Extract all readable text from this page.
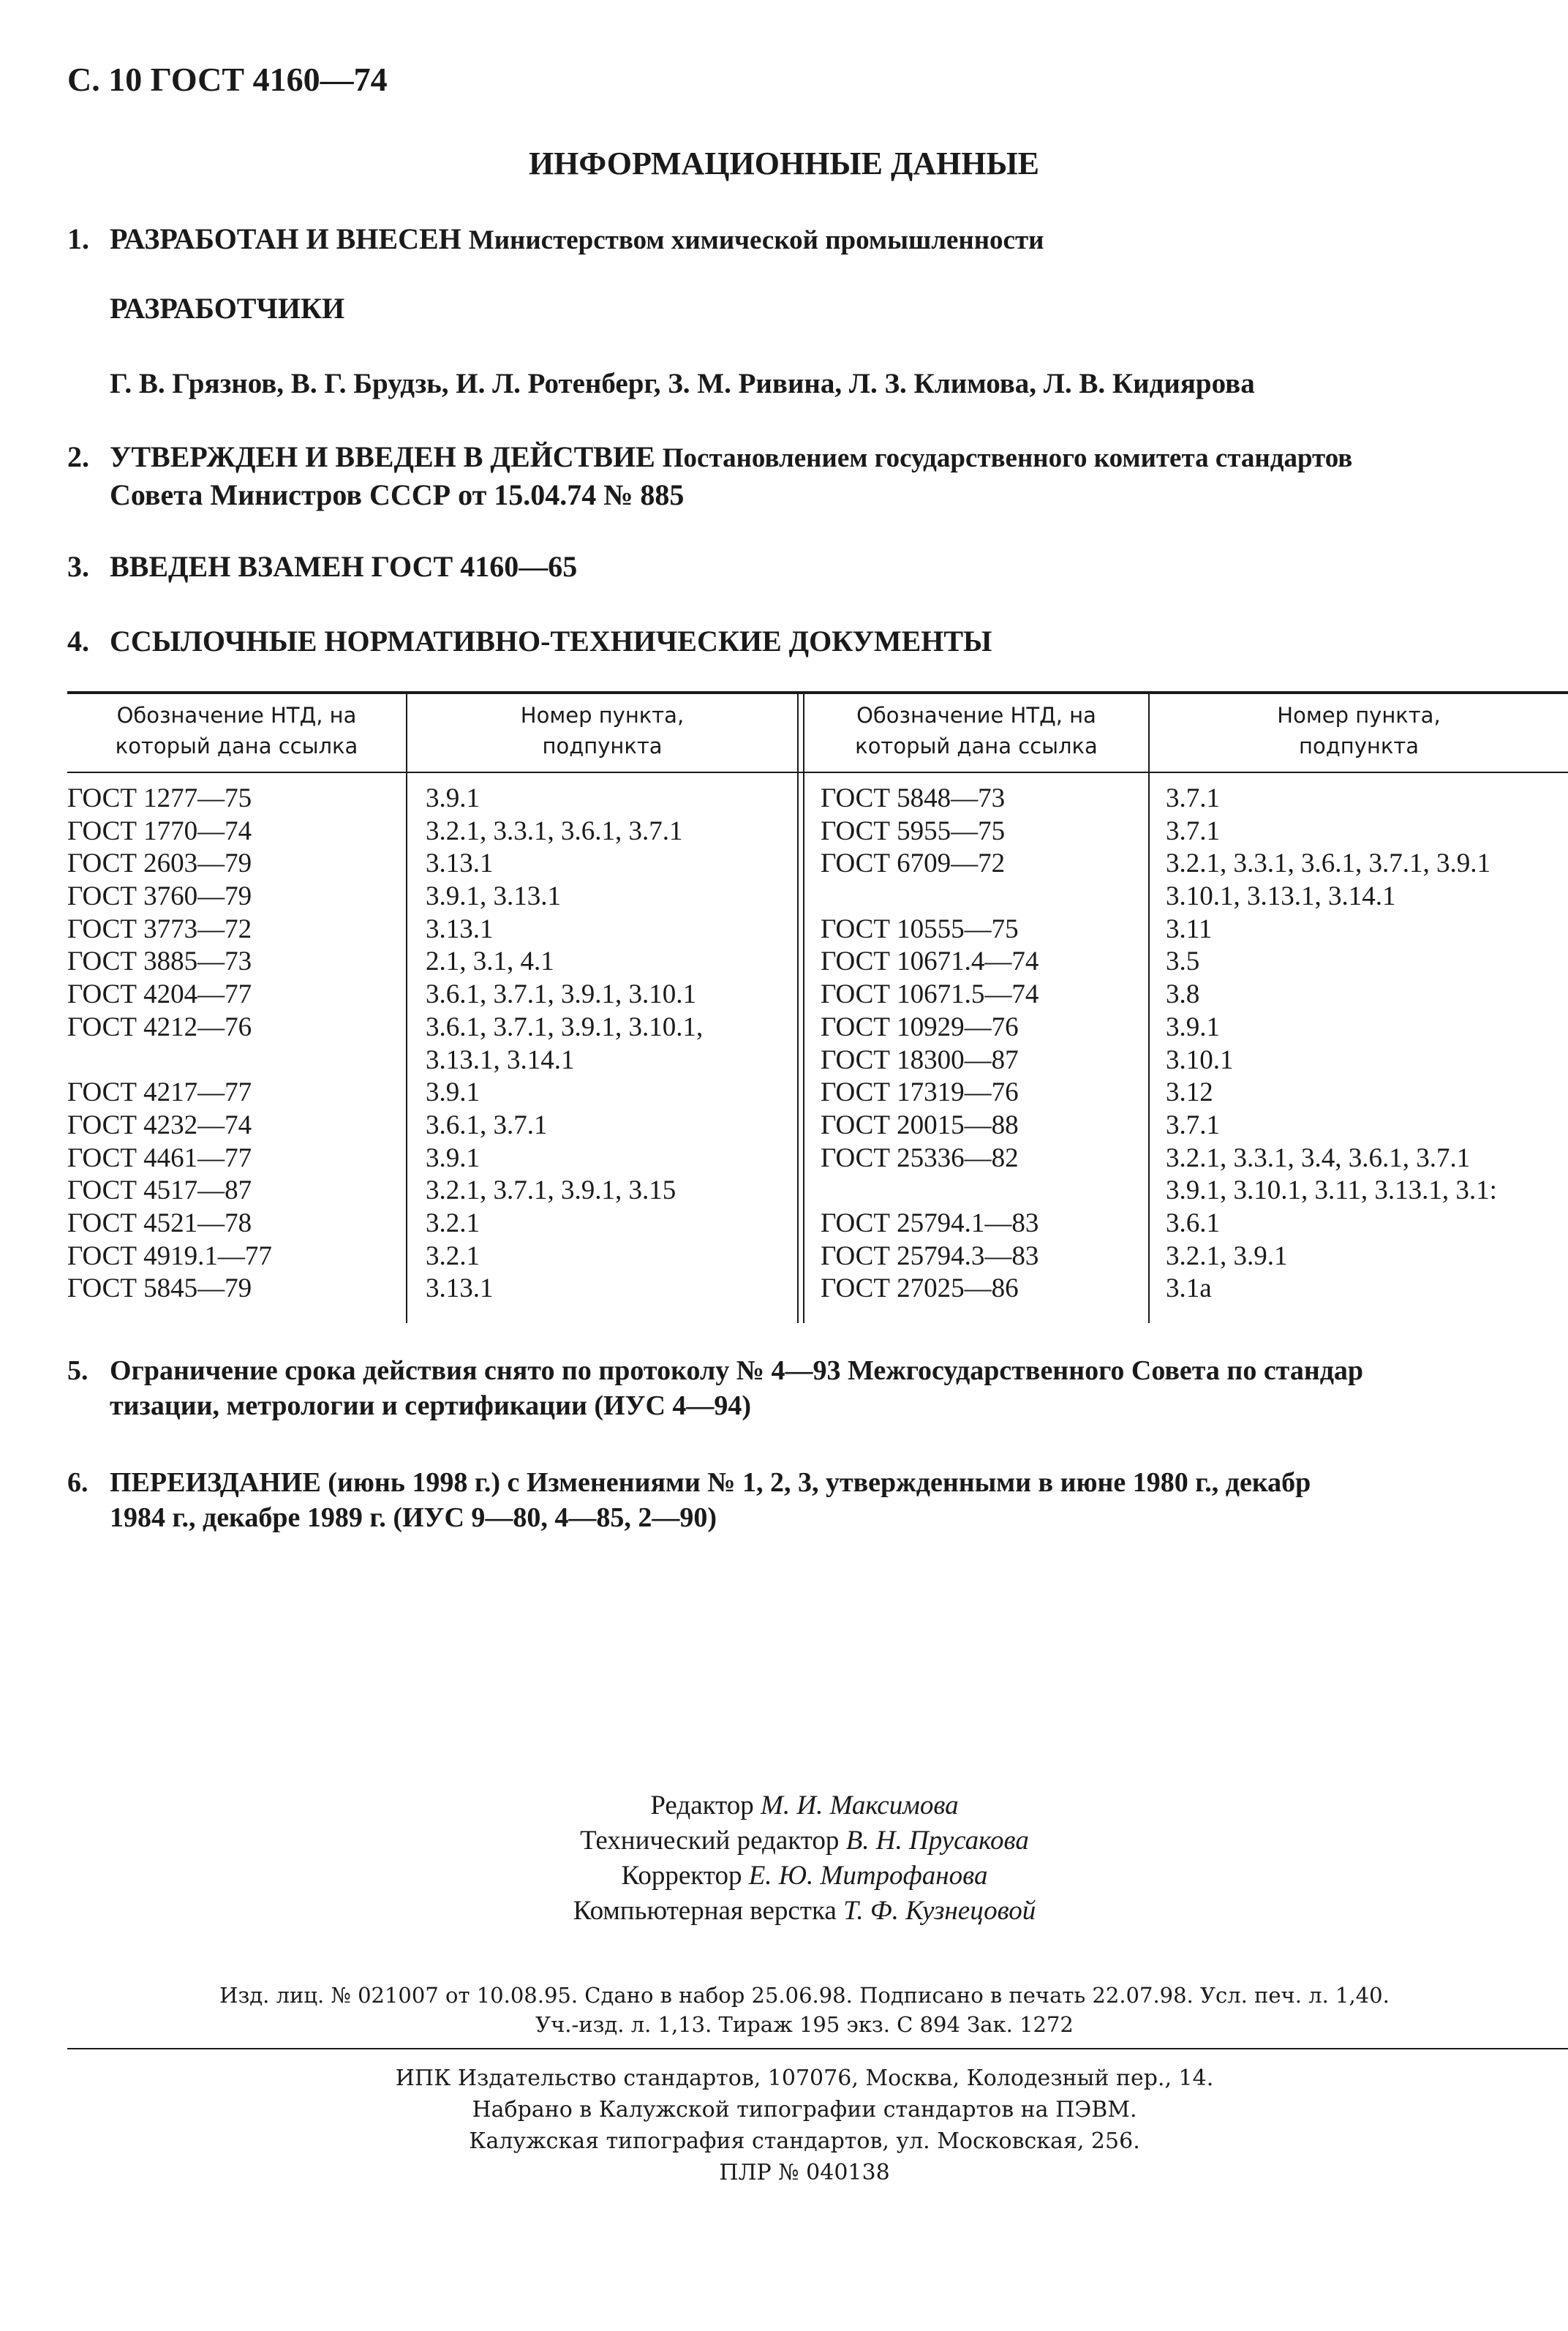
С. 10 ГОСТ 4160—74
ИНФОРМАЦИОННЫЕ ДАННЫЕ
1. РАЗРАБОТАН И ВНЕСЕН Министерством химической промышленности
РАЗРАБОТЧИКИ
Г. В. Грязнов, В. Г. Брудзь, И. Л. Ротенберг, З. М. Ривина, Л. З. Климова, Л. В. Кидиярова
2. УТВЕРЖДЕН И ВВЕДЕН В ДЕЙСТВИЕ Постановлением государственного комитета стандартов
Совета Министров СССР от 15.04.74 № 885
3. ВВЕДЕН ВЗАМЕН ГОСТ 4160—65
4. ССЫЛОЧНЫЕ НОРМАТИВНО-ТЕХНИЧЕСКИЕ ДОКУМЕНТЫ
Обозначение НТД, на
который дана ссылка
Номер пункта,
подпункта
Обозначение НТД, на
который дана ссылка
Номер пункта,
подпункта
ГОСТ 1277—75
ГОСТ 1770—74
ГОСТ 2603—79
ГОСТ 3760—79
ГОСТ 3773—72
ГОСТ 3885—73
ГОСТ 4204—77
ГОСТ 4212—76
ГОСТ 4217—77
ГОСТ 4232—74
ГОСТ 4461—77
ГОСТ 4517—87
ГОСТ 4521—78
ГОСТ 4919.1—77
ГОСТ 5845—79
3.9.1
3.2.1, 3.3.1, 3.6.1, 3.7.1
3.13.1
3.9.1, 3.13.1
3.13.1
2.1, 3.1, 4.1
3.6.1, 3.7.1, 3.9.1, 3.10.1
3.6.1, 3.7.1, 3.9.1, 3.10.1,
3.13.1, 3.14.1
3.9.1
3.6.1, 3.7.1
3.9.1
3.2.1, 3.7.1, 3.9.1, 3.15
3.2.1
3.2.1
3.13.1
ГОСТ 5848—73
ГОСТ 5955—75
ГОСТ 6709—72
ГОСТ 10555—75
ГОСТ 10671.4—74
ГОСТ 10671.5—74
ГОСТ 10929—76
ГОСТ 18300—87
ГОСТ 17319—76
ГОСТ 20015—88
ГОСТ 25336—82
ГОСТ 25794.1—83
ГОСТ 25794.3—83
ГОСТ 27025—86
3.7.1
3.7.1
3.2.1, 3.3.1, 3.6.1, 3.7.1, 3.9.1
3.10.1, 3.13.1, 3.14.1
3.11
3.5
3.8
3.9.1
3.10.1
3.12
3.7.1
3.2.1, 3.3.1, 3.4, 3.6.1, 3.7.1
3.9.1, 3.10.1, 3.11, 3.13.1, 3.1:
3.6.1
3.2.1, 3.9.1
3.1а
5. Ограничение срока действия снято по протоколу № 4—93 Межгосударственного Совета по стандар
тизации, метрологии и сертификации (ИУС 4—94)
6. ПЕРЕИЗДАНИЕ (июнь 1998 г.) с Изменениями № 1, 2, 3, утвержденными в июне 1980 г., декабр
1984 г., декабре 1989 г. (ИУС 9—80, 4—85, 2—90)
Редактор М. И. Максимова
Технический редактор В. Н. Прусакова
Корректор Е. Ю. Митрофанова
Компьютерная верстка Т. Ф. Кузнецовой
Изд. лиц. № 021007 от 10.08.95. Сдано в набор 25.06.98. Подписано в печать 22.07.98. Усл. печ. л. 1,40.
Уч.-изд. л. 1,13. Тираж 195 экз. С 894 Зак. 1272
ИПК Издательство стандартов, 107076, Москва, Колодезный пер., 14.
Набрано в Калужской типографии стандартов на ПЭВМ.
Калужская типография стандартов, ул. Московская, 256.
ПЛР № 040138
